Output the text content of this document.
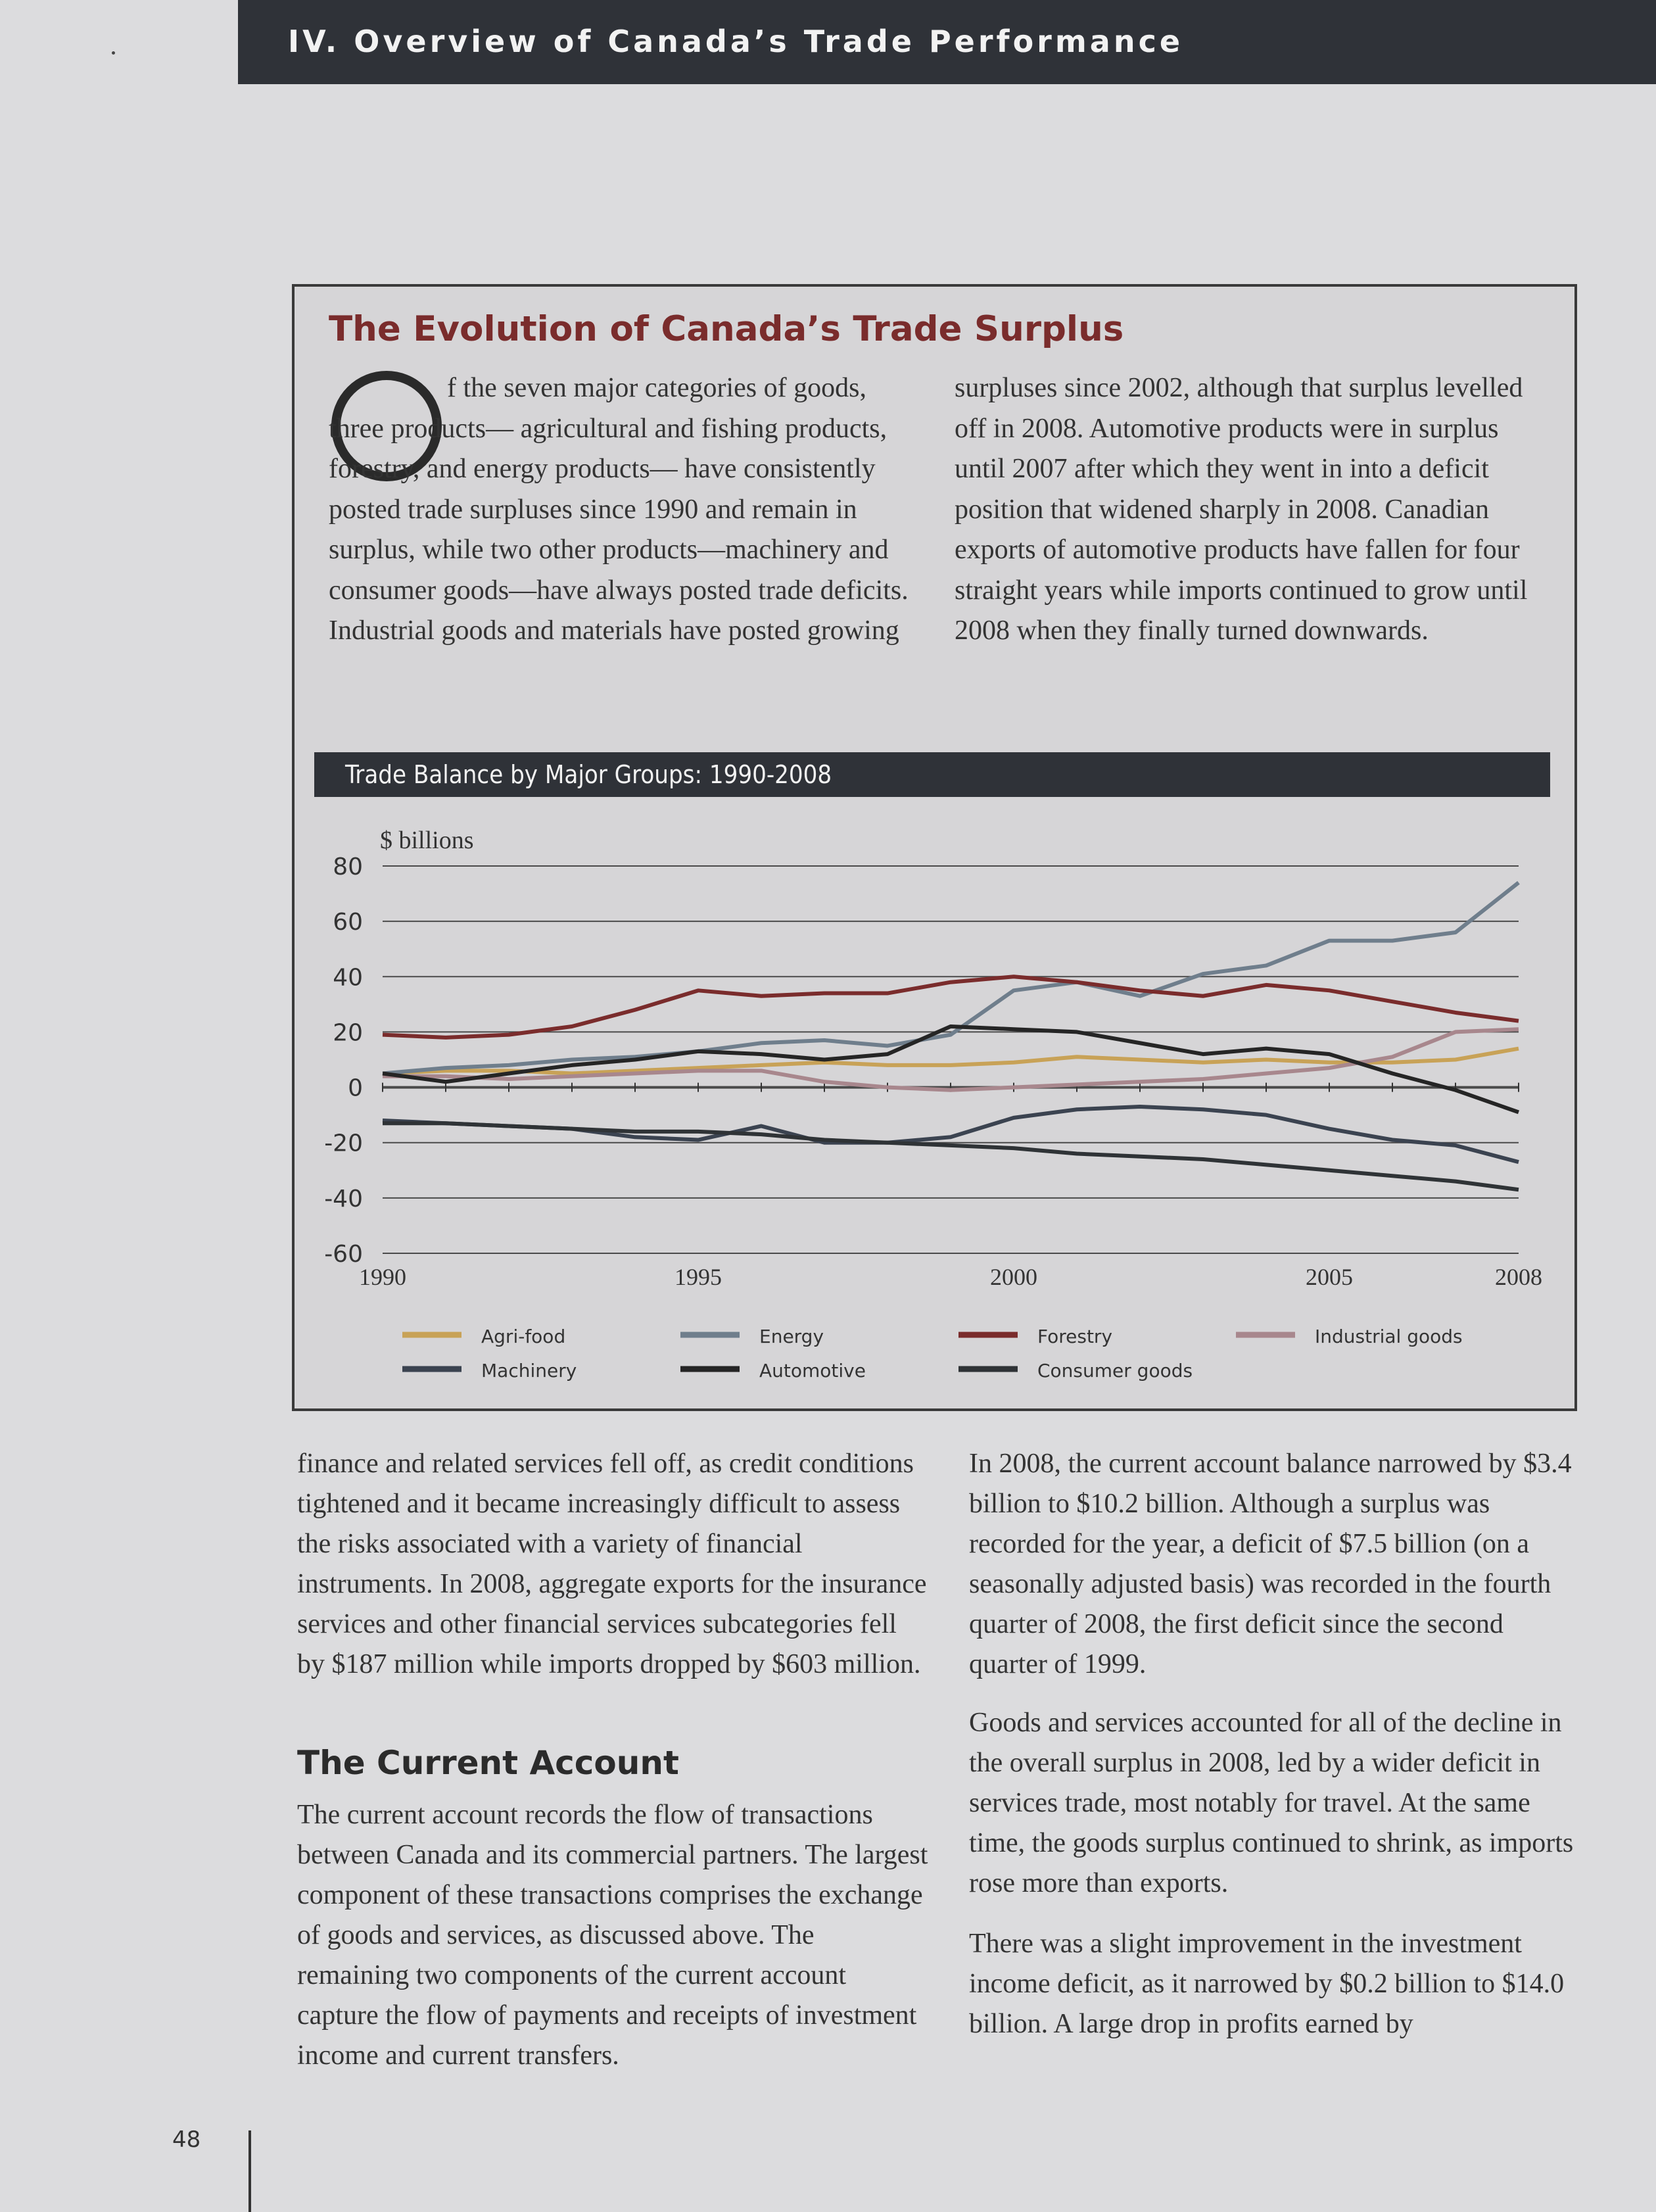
IV. Overview of Canada’s Trade Performance
The Evolution of Canada’s Trade Surplus
f the seven major categories of goods, three products— agricultural and fishing products, forestry, and energy products— have consistently posted trade surpluses since 1990 and remain in surplus, while two other products—machinery and consumer goods—have always posted trade deficits. Industrial goods and materials have posted growing
surpluses since 2002, although that surplus levelled off in 2008. Automotive products were in surplus until 2007 after which they went in into a deficit position that widened sharply in 2008. Canadian exports of automotive products have fallen for four straight years while imports continued to grow until 2008 when they finally turned downwards.
Trade Balance by Major Groups: 1990-2008
$ billions
80
60
40
20
0
-20
-40
-60
1990	1995	2000	2005	2008
Agri-food	Energy	Forestry	Industrial goods
Machinery	Automotive	Consumer goods
finance and related services fell off, as credit conditions tightened and it became increasingly difficult to assess the risks associated with a variety of financial instruments. In 2008, aggregate exports for the insurance services and other financial services subcategories fell by $187 million while imports dropped by $603 million.
The Current Account
The current account records the flow of transactions between Canada and its commercial partners. The largest component of these transactions comprises the exchange of goods and services, as discussed above. The remaining two components of the current account capture the flow of payments and receipts of investment income and current transfers.
In 2008, the current account balance narrowed by $3.4 billion to $10.2 billion. Although a surplus was recorded for the year, a deficit of $7.5 billion (on a seasonally adjusted basis) was recorded in the fourth quarter of 2008, the first deficit since the second quarter of 1999.
Goods and services accounted for all of the decline in the overall surplus in 2008, led by a wider deficit in services trade, most notably for travel. At the same time, the goods surplus continued to shrink, as imports rose more than exports.
There was a slight improvement in the investment income deficit, as it narrowed by $0.2 billion to $14.0 billion. A large drop in profits earned by
48
